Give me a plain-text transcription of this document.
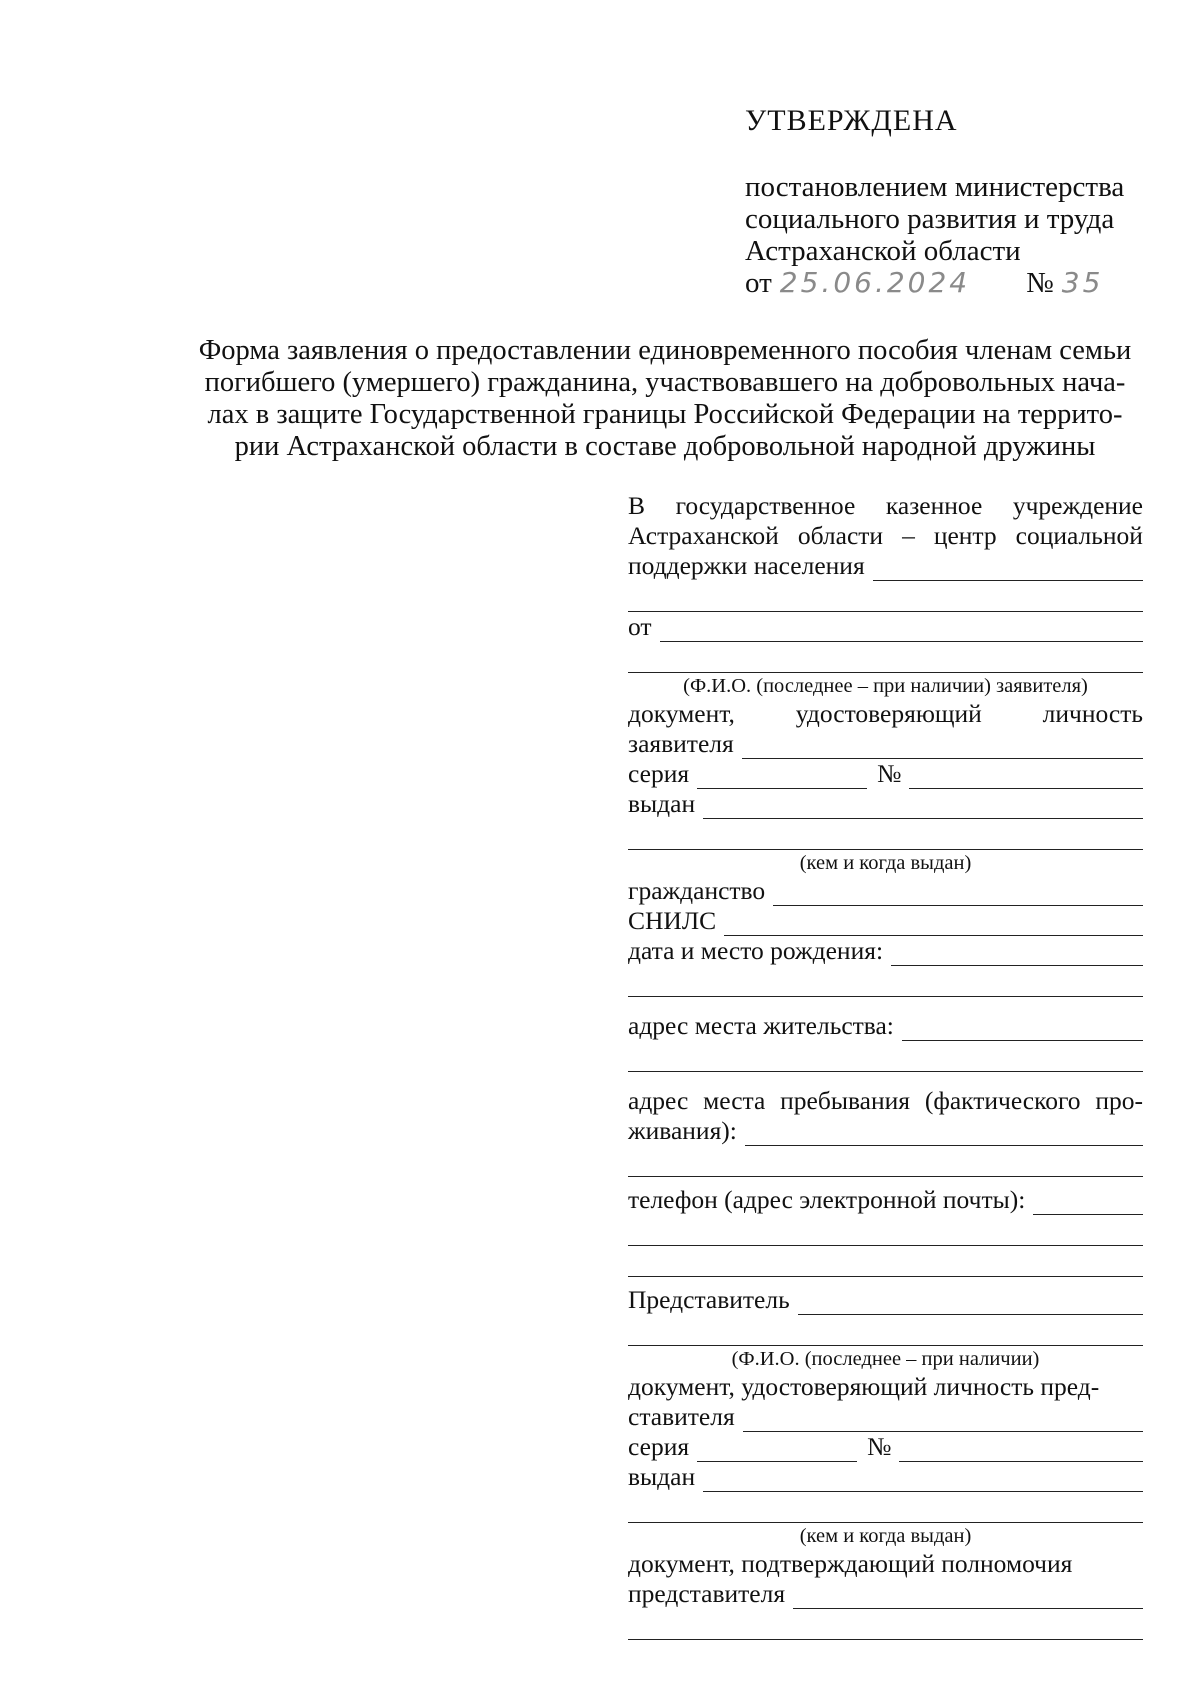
УТВЕРЖДЕНА
постановлением министерства
социального развития и труда
Астраханской области
от 25.06.2024 № 35
Форма заявления о предоставлении единовременного пособия членам семьи
погибшего (умершего) гражданина, участвовавшего на добровольных нача-
лах в защите Государственной границы Российской Федерации на террито-
рии Астраханской области в составе добровольной народной дружины
В государственное казенное учреждение
Астраханской области – центр социальной
поддержки населения
от
(Ф.И.О. (последнее – при наличии) заявителя)
документ, удостоверяющий личность
заявителя
серия	№
выдан
(кем и когда выдан)
гражданство
СНИЛС
дата и место рождения:
адрес места жительства:
адрес места пребывания (фактического про-
живания):
телефон (адрес электронной почты):
Представитель
(Ф.И.О. (последнее – при наличии)
документ, удостоверяющий личность пред-
ставителя
серия	№
выдан
(кем и когда выдан)
документ, подтверждающий полномочия
представителя
